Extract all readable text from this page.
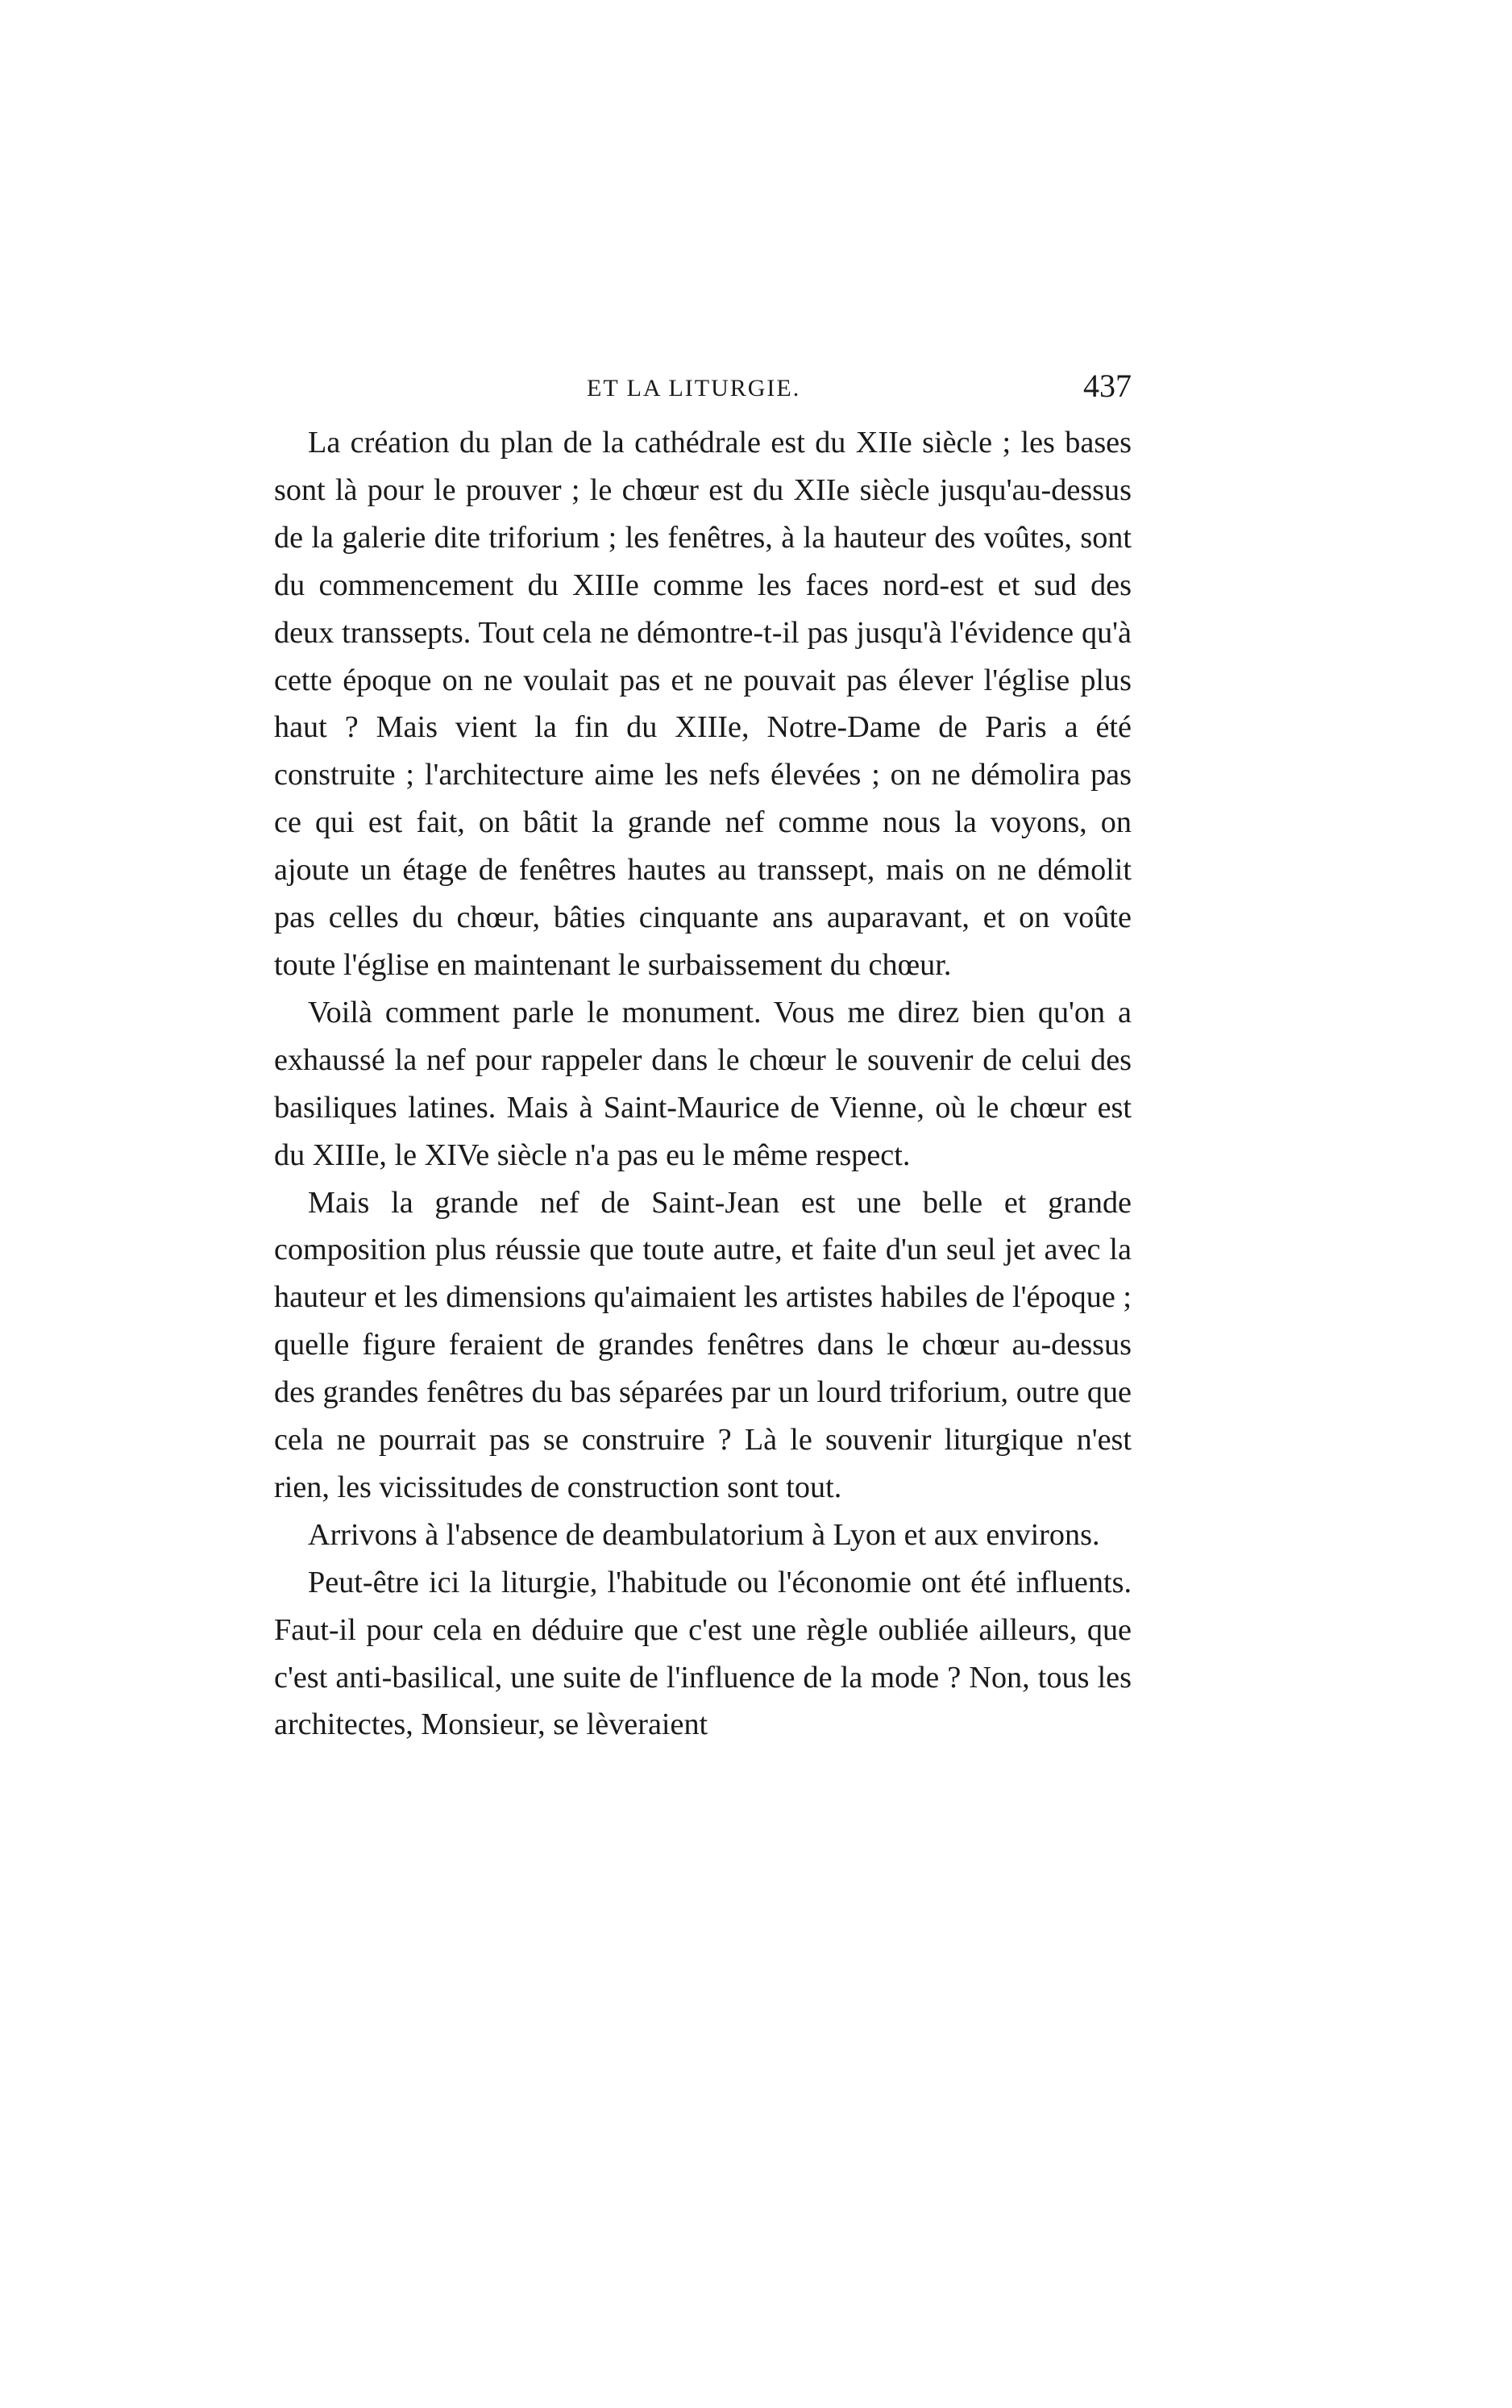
ET LA LITURGIE.	437

La création du plan de la cathédrale est du XIIe siècle ; les bases sont là pour le prouver ; le chœur est du XIIe siècle jusqu'au-dessus de la galerie dite triforium ; les fenêtres, à la hauteur des voûtes, sont du commencement du XIIIe comme les faces nord-est et sud des deux transsepts. Tout cela ne démontre-t-il pas jusqu'à l'évidence qu'à cette époque on ne voulait pas et ne pouvait pas élever l'église plus haut ? Mais vient la fin du XIIIe, Notre-Dame de Paris a été construite ; l'architecture aime les nefs élevées ; on ne démolira pas ce qui est fait, on bâtit la grande nef comme nous la voyons, on ajoute un étage de fenêtres hautes au transsept, mais on ne démolit pas celles du chœur, bâties cinquante ans auparavant, et on voûte toute l'église en maintenant le surbaissement du chœur.

Voilà comment parle le monument. Vous me direz bien qu'on a exhaussé la nef pour rappeler dans le chœur le souvenir de celui des basiliques latines. Mais à Saint-Maurice de Vienne, où le chœur est du XIIIe, le XIVe siècle n'a pas eu le même respect.

Mais la grande nef de Saint-Jean est une belle et grande composition plus réussie que toute autre, et faite d'un seul jet avec la hauteur et les dimensions qu'aimaient les artistes habiles de l'époque ; quelle figure feraient de grandes fenêtres dans le chœur au-dessus des grandes fenêtres du bas séparées par un lourd triforium, outre que cela ne pourrait pas se construire ? Là le souvenir liturgique n'est rien, les vicissitudes de construction sont tout.

Arrivons à l'absence de deambulatorium à Lyon et aux environs.

Peut-être ici la liturgie, l'habitude ou l'économie ont été influents. Faut-il pour cela en déduire que c'est une règle oubliée ailleurs, que c'est anti-basilical, une suite de l'influence de la mode ? Non, tous les architectes, Monsieur, se lèveraient
